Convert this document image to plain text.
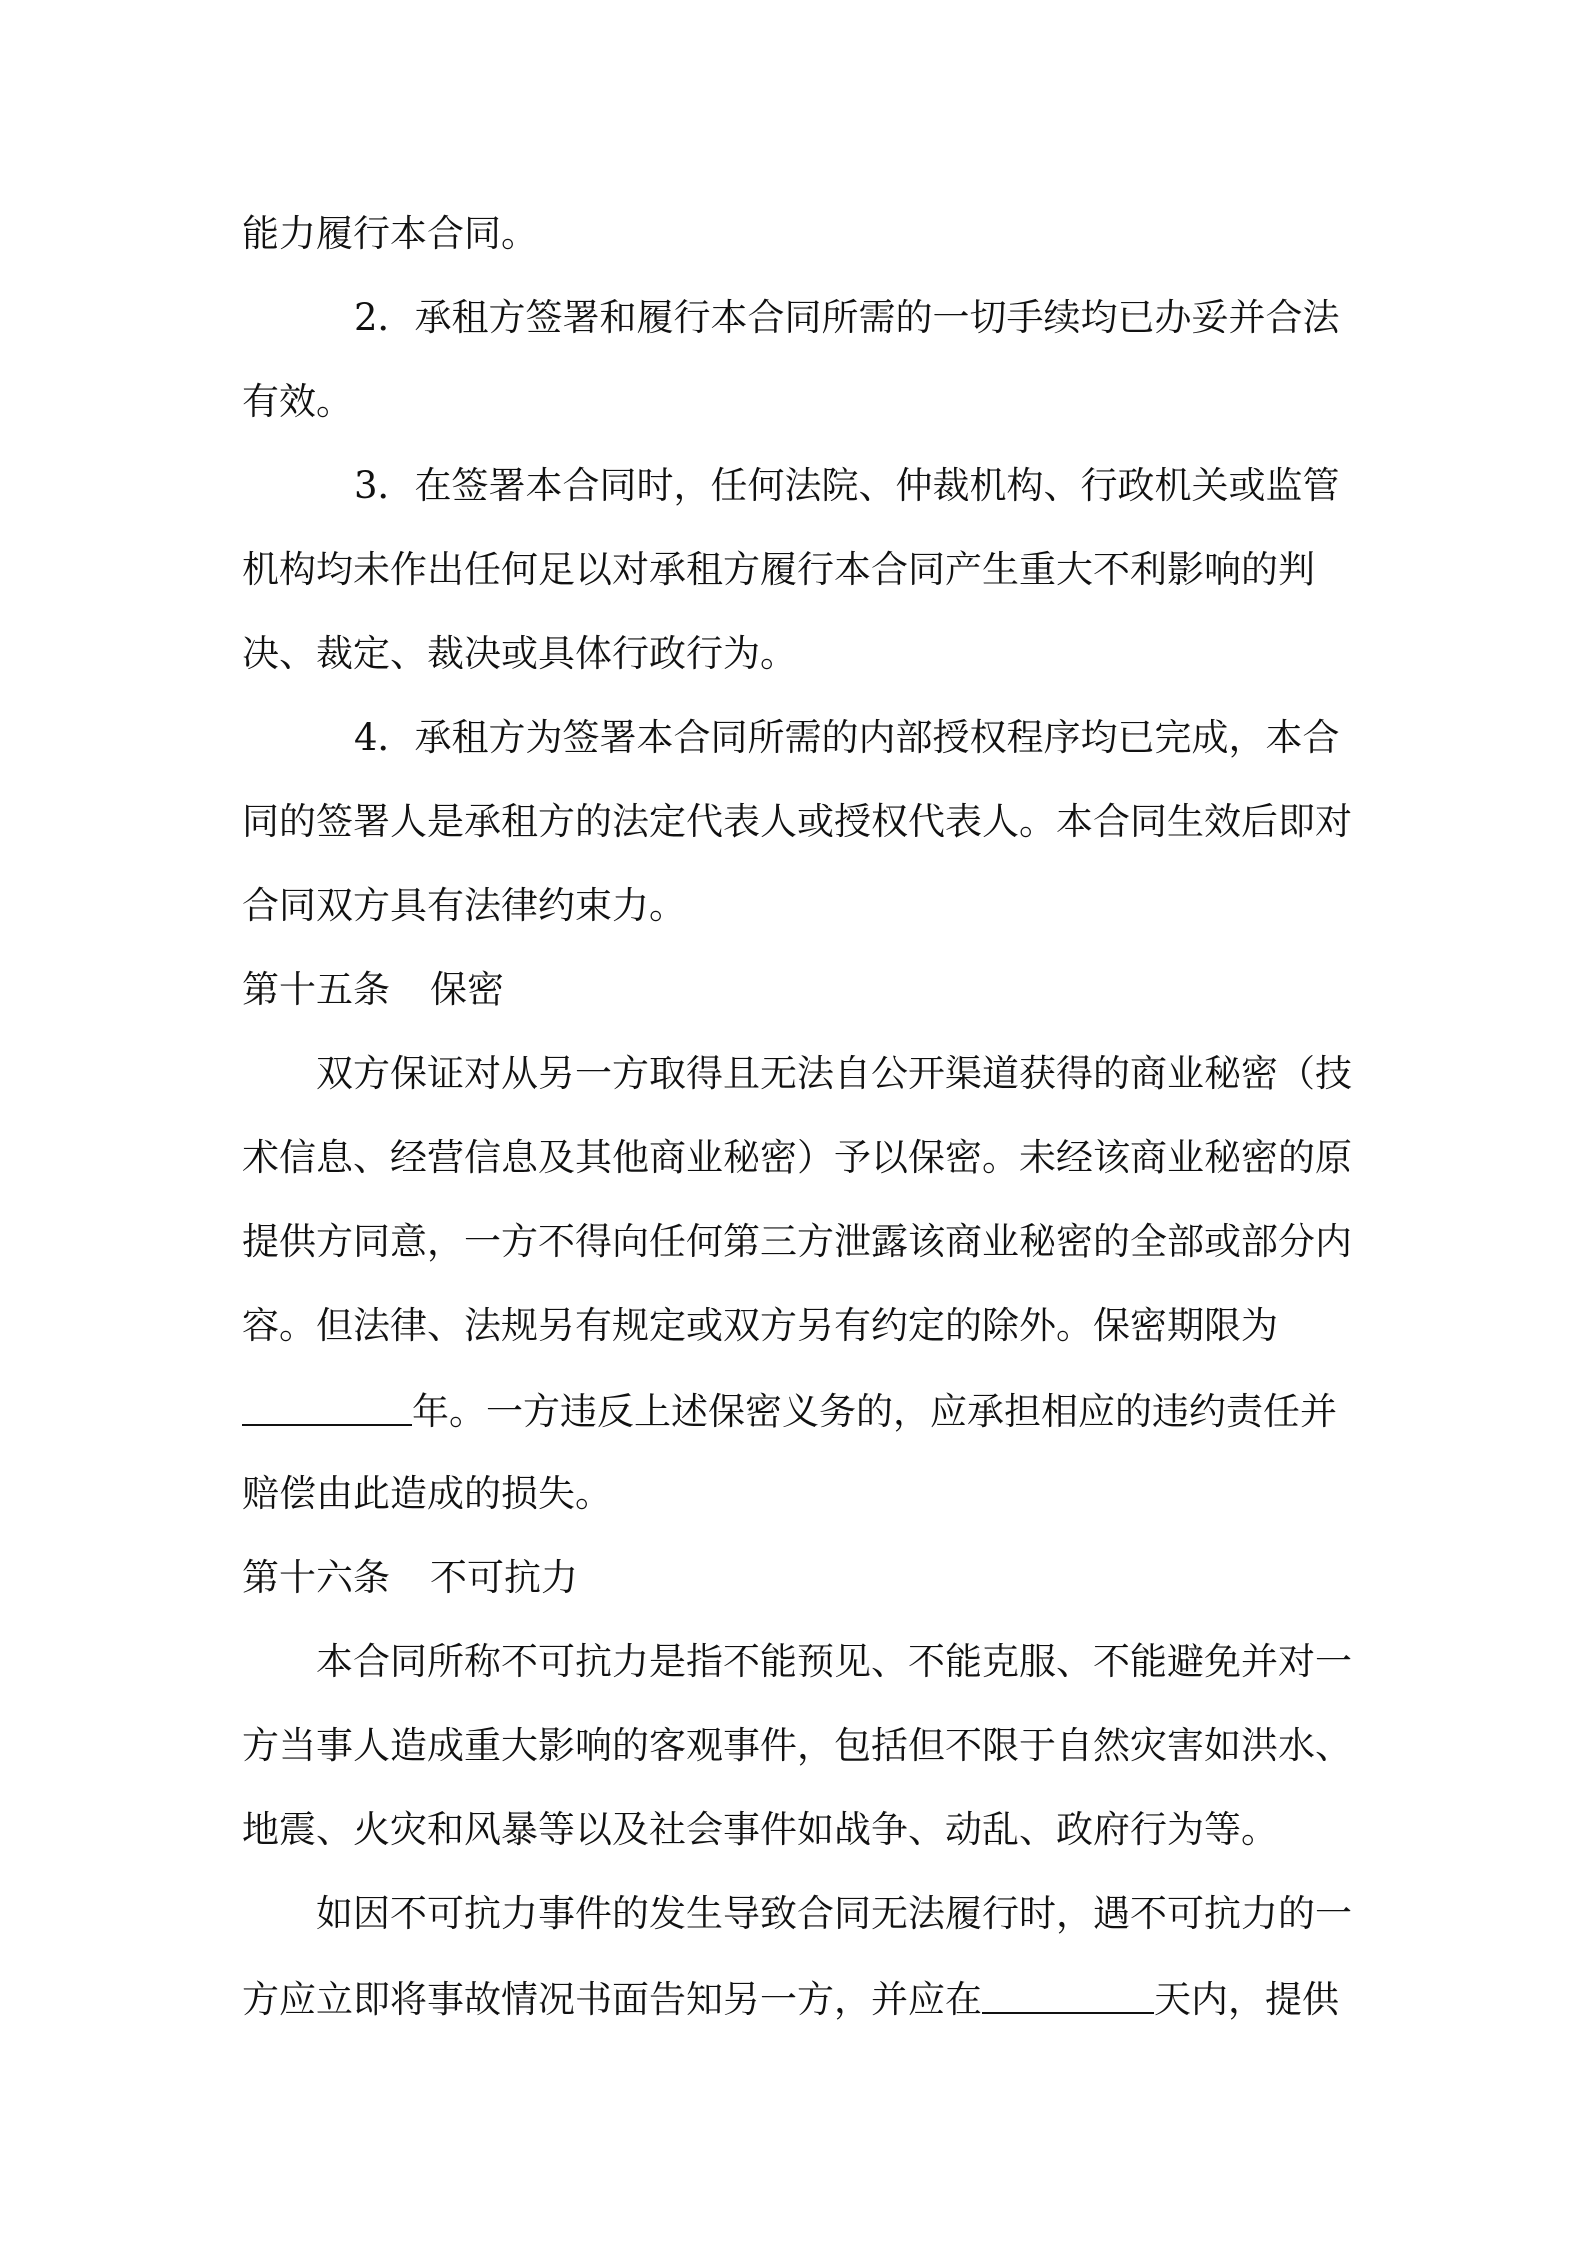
能力履行本合同。
2．承租方签署和履行本合同所需的一切手续均已办妥并合法
有效。
3．在签署本合同时，任何法院、仲裁机构、行政机关或监管
机构均未作出任何足以对承租方履行本合同产生重大不利影响的判
决、裁定、裁决或具体行政行为。
4．承租方为签署本合同所需的内部授权程序均已完成，本合
同的签署人是承租方的法定代表人或授权代表人。本合同生效后即对
合同双方具有法律约束力。
第十五条 保密
双方保证对从另一方取得且无法自公开渠道获得的商业秘密（技
术信息、经营信息及其他商业秘密）予以保密。未经该商业秘密的原
提供方同意，一方不得向任何第三方泄露该商业秘密的全部或部分内
容。但法律、法规另有规定或双方另有约定的除外。保密期限为
年。一方违反上述保密义务的，应承担相应的违约责任并
赔偿由此造成的损失。
第十六条 不可抗力
本合同所称不可抗力是指不能预见、不能克服、不能避免并对一
方当事人造成重大影响的客观事件，包括但不限于自然灾害如洪水、
地震、火灾和风暴等以及社会事件如战争、动乱、政府行为等。
如因不可抗力事件的发生导致合同无法履行时，遇不可抗力的一
方应立即将事故情况书面告知另一方，并应在	天内，提供
